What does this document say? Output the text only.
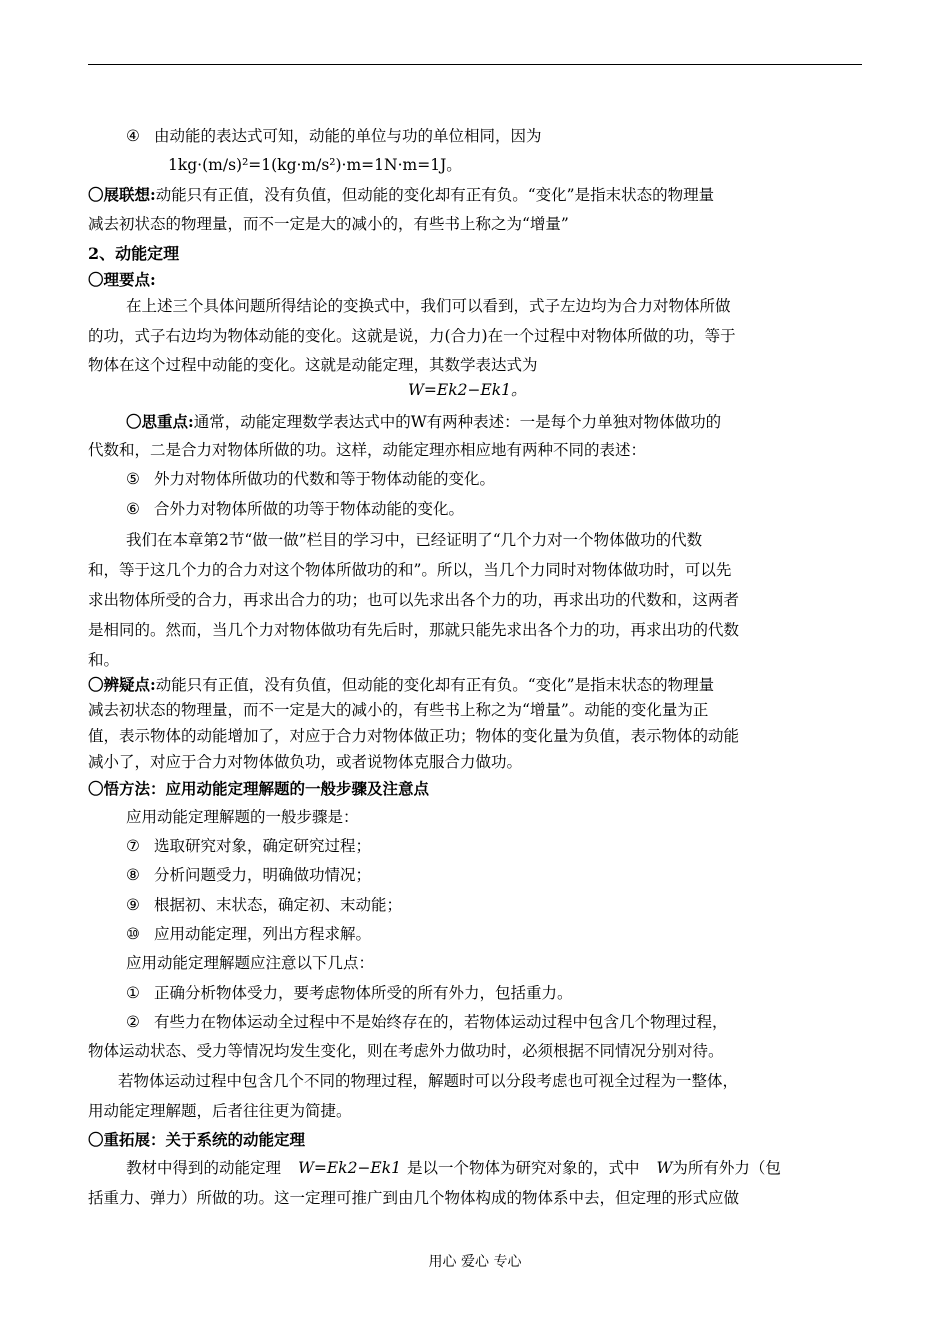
④ 由动能的表达式可知，动能的单位与功的单位相同，因为

1kg·(m/s)²=1(kg·m/s²)·m=1N·m=1J。

〇展联想:动能只有正值，没有负值，但动能的变化却有正有负。“变化”是指末状态的物理量

减去初状态的物理量，而不一定是大的减小的，有些书上称之为“增量”

2、动能定理

〇理要点:

在上述三个具体问题所得结论的变换式中，我们可以看到，式子左边均为合力对物体所做

的功，式子右边均为物体动能的变化。这就是说，力(合力)在一个过程中对物体所做的功，等于

物体在这个过程中动能的变化。这就是动能定理，其数学表达式为

W=Ek2−Ek1。

〇思重点:通常，动能定理数学表达式中的W有两种表述：一是每个力单独对物体做功的

代数和，二是合力对物体所做的功。这样，动能定理亦相应地有两种不同的表述：

⑤ 外力对物体所做功的代数和等于物体动能的变化。

⑥ 合外力对物体所做的功等于物体动能的变化。

我们在本章第2节“做一做”栏目的学习中，已经证明了“几个力对一个物体做功的代数

和，等于这几个力的合力对这个物体所做功的和”。所以，当几个力同时对物体做功时，可以先

求出物体所受的合力，再求出合力的功；也可以先求出各个力的功，再求出功的代数和，这两者

是相同的。然而，当几个力对物体做功有先后时，那就只能先求出各个力的功，再求出功的代数

和。

〇辨疑点:动能只有正值，没有负值，但动能的变化却有正有负。“变化”是指末状态的物理量

减去初状态的物理量，而不一定是大的减小的，有些书上称之为“增量”。动能的变化量为正

值，表示物体的动能增加了，对应于合力对物体做正功；物体的变化量为负值，表示物体的动能

减小了，对应于合力对物体做负功，或者说物体克服合力做功。

〇悟方法：应用动能定理解题的一般步骤及注意点

应用动能定理解题的一般步骤是：

⑦ 选取研究对象，确定研究过程；

⑧ 分析问题受力，明确做功情况；

⑨ 根据初、末状态，确定初、末动能；

⑩ 应用动能定理，列出方程求解。

应用动能定理解题应注意以下几点：

① 正确分析物体受力，要考虑物体所受的所有外力，包括重力。

② 有些力在物体运动全过程中不是始终存在的，若物体运动过程中包含几个物理过程，

物体运动状态、受力等情况均发生变化，则在考虑外力做功时，必须根据不同情况分别对待。

若物体运动过程中包含几个不同的物理过程，解题时可以分段考虑也可视全过程为一整体，

用动能定理解题，后者往往更为简捷。

〇重拓展：关于系统的动能定理

教材中得到的动能定理 W=Ek2−Ek1 是以一个物体为研究对象的，式中 W为所有外力（包

括重力、弹力）所做的功。这一定理可推广到由几个物体构成的物体系中去，但定理的形式应做

用心 爱心 专心
